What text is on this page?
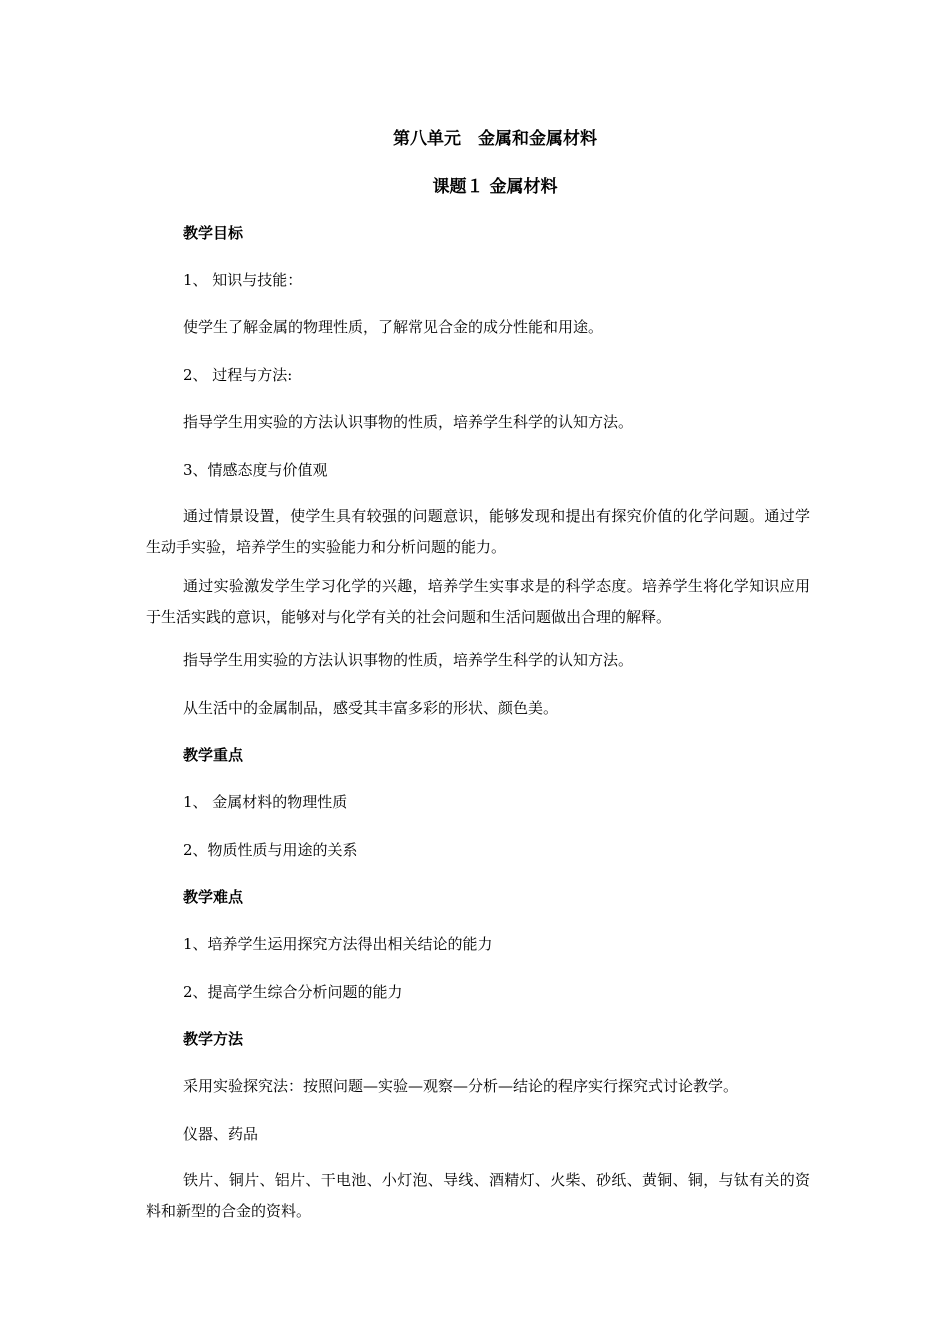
第八单元　金属和金属材料
课题１ 金属材料
教学目标
1、 知识与技能：
使学生了解金属的物理性质，了解常见合金的成分性能和用途。
2、 过程与方法:
指导学生用实验的方法认识事物的性质，培养学生科学的认知方法。
3、情感态度与价值观
通过情景设置，使学生具有较强的问题意识，能够发现和提出有探究价值的化学问题。通过学生动手实验，培养学生的实验能力和分析问题的能力。
通过实验激发学生学习化学的兴趣，培养学生实事求是的科学态度。培养学生将化学知识应用于生活实践的意识，能够对与化学有关的社会问题和生活问题做出合理的解释。
指导学生用实验的方法认识事物的性质，培养学生科学的认知方法。
从生活中的金属制品，感受其丰富多彩的形状、颜色美。
教学重点
1、 金属材料的物理性质
2、物质性质与用途的关系
教学难点
1、培养学生运用探究方法得出相关结论的能力
2、提高学生综合分析问题的能力
教学方法
采用实验探究法：按照问题—实验—观察—分析—结论的程序实行探究式讨论教学。
仪器、药品
铁片、铜片、铝片、干电池、小灯泡、导线、酒精灯、火柴、砂纸、黄铜、铜，与钛有关的资料和新型的合金的资料。
